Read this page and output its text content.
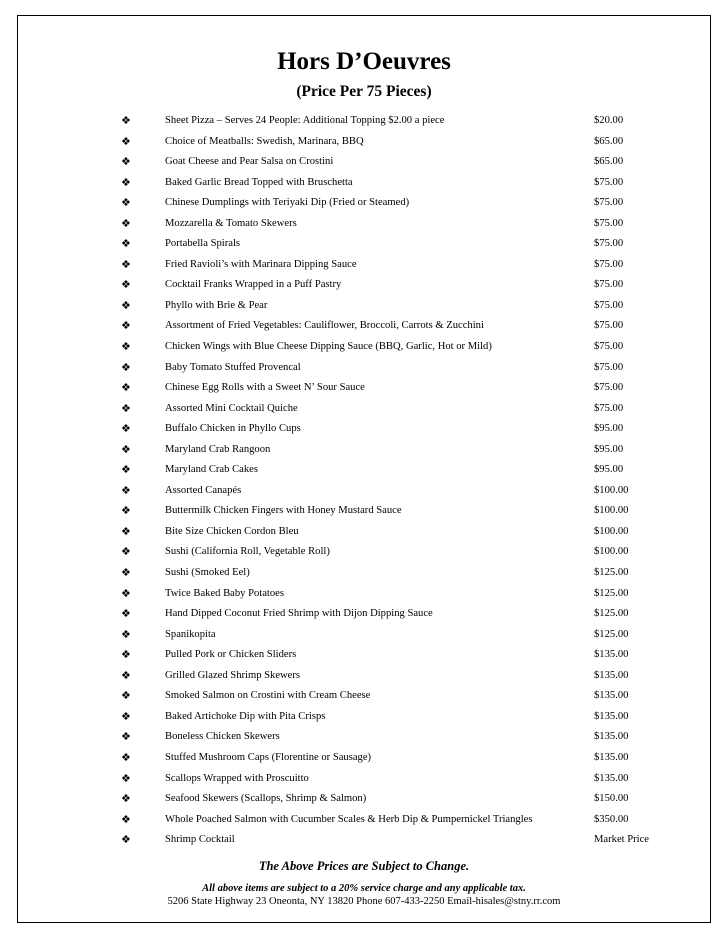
Hors D’Oeuvres
(Price Per 75 Pieces)
❖	Sheet Pizza – Serves 24 People: Additional Topping $2.00 a piece	$20.00
❖	Choice of Meatballs: Swedish, Marinara, BBQ	$65.00
❖	Goat Cheese and Pear Salsa on Crostini	$65.00
❖	Baked Garlic Bread Topped with Bruschetta	$75.00
❖	Chinese Dumplings with Teriyaki Dip (Fried or Steamed)	$75.00
❖	Mozzarella & Tomato Skewers	$75.00
❖	Portabella Spirals	$75.00
❖	Fried Ravioli’s with Marinara Dipping Sauce	$75.00
❖	Cocktail Franks Wrapped in a Puff Pastry	$75.00
❖	Phyllo with Brie & Pear	$75.00
❖	Assortment of Fried Vegetables: Cauliflower, Broccoli, Carrots & Zucchini	$75.00
❖	Chicken Wings with Blue Cheese Dipping Sauce (BBQ, Garlic, Hot or Mild)	$75.00
❖	Baby Tomato Stuffed Provencal	$75.00
❖	Chinese Egg Rolls with a Sweet N’ Sour Sauce	$75.00
❖	Assorted Mini Cocktail Quiche	$75.00
❖	Buffalo Chicken in Phyllo Cups	$95.00
❖	Maryland Crab Rangoon	$95.00
❖	Maryland Crab Cakes	$95.00
❖	Assorted Canapés	$100.00
❖	Buttermilk Chicken Fingers with Honey Mustard Sauce	$100.00
❖	Bite Size Chicken Cordon Bleu	$100.00
❖	Sushi (California Roll, Vegetable Roll)	$100.00
❖	Sushi (Smoked Eel)	$125.00
❖	Twice Baked Baby Potatoes	$125.00
❖	Hand Dipped Coconut Fried Shrimp with Dijon Dipping Sauce	$125.00
❖	Spanikopita	$125.00
❖	Pulled Pork or Chicken Sliders	$135.00
❖	Grilled Glazed Shrimp Skewers	$135.00
❖	Smoked Salmon on Crostini with Cream Cheese	$135.00
❖	Baked Artichoke Dip with Pita Crisps	$135.00
❖	Boneless Chicken Skewers	$135.00
❖	Stuffed Mushroom Caps (Florentine or Sausage)	$135.00
❖	Scallops Wrapped with Proscuitto	$135.00
❖	Seafood Skewers (Scallops, Shrimp & Salmon)	$150.00
❖	Whole Poached Salmon with Cucumber Scales & Herb Dip & Pumpernickel Triangles	$350.00
❖	Shrimp Cocktail	Market Price
The Above Prices are Subject to Change.
All above items are subject to a 20% service charge and any applicable tax.
5206 State Highway 23 Oneonta, NY 13820 Phone 607-433-2250 Email-hisales@stny.rr.com
